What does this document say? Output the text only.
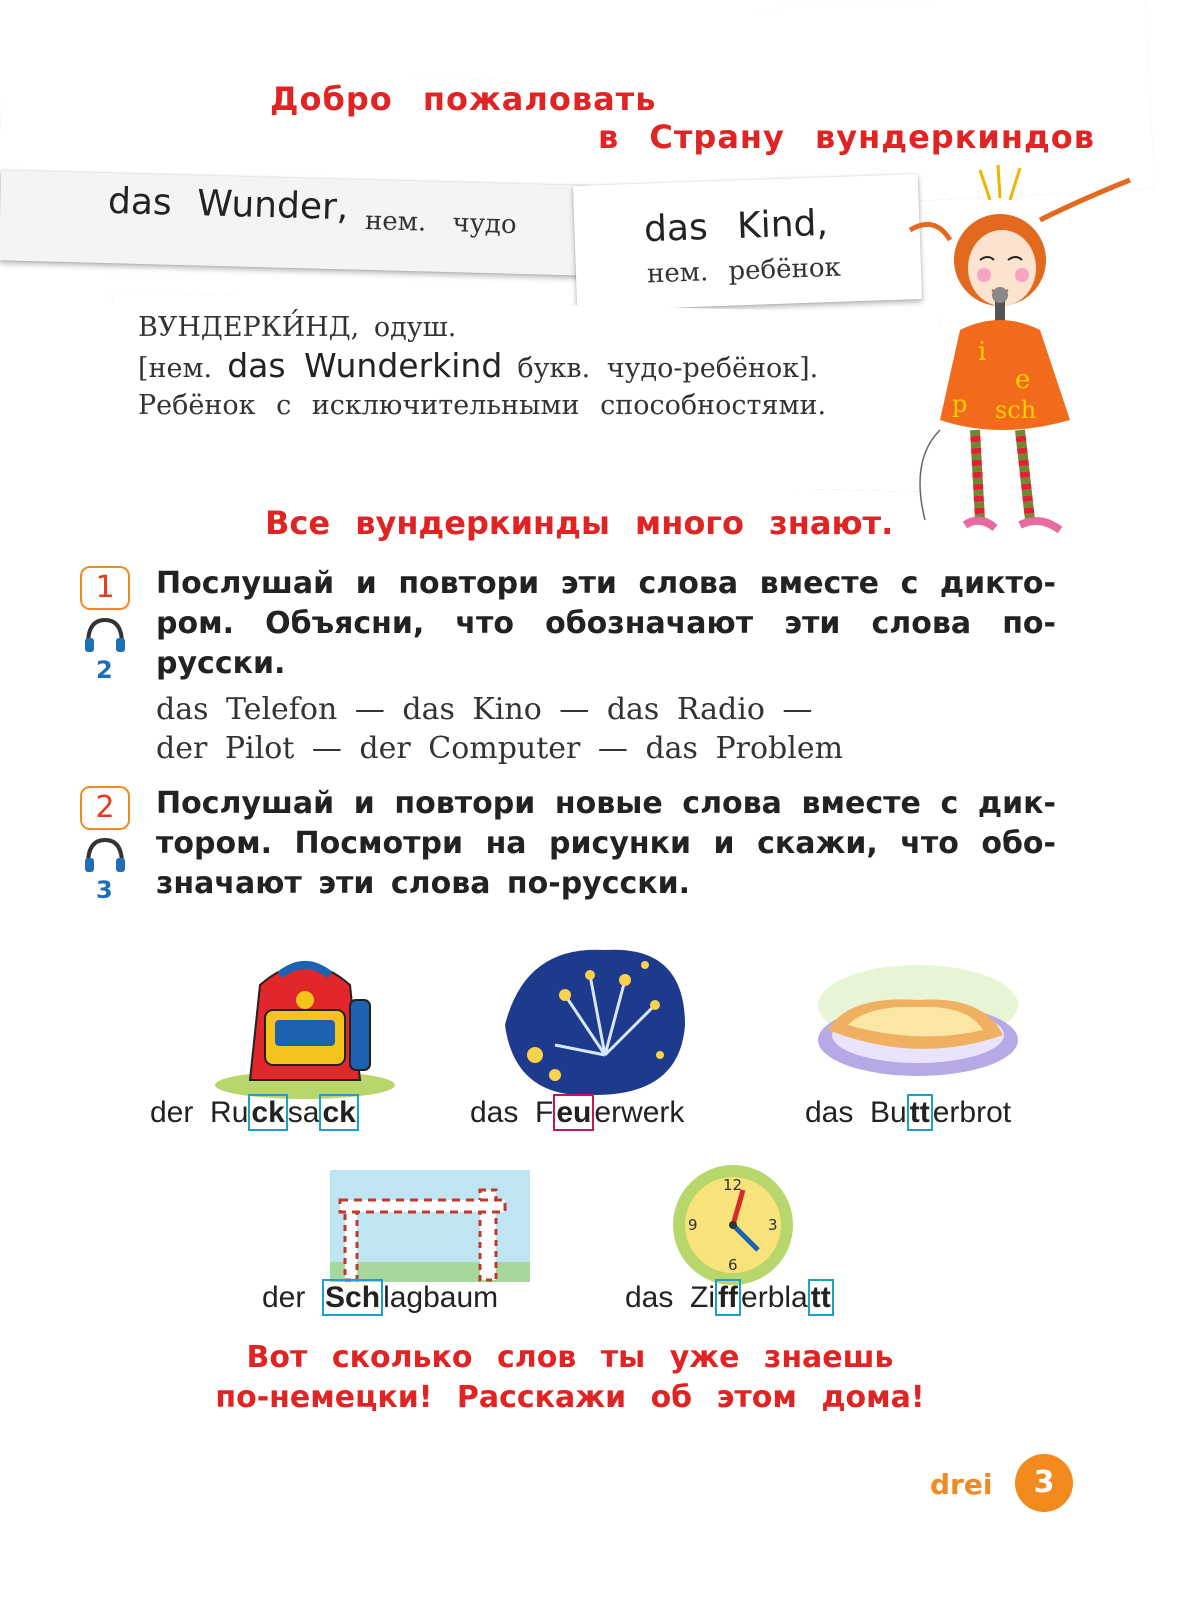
Добро пожаловать
в Страну вундеркиндов
das Wunder, нем. чудо	das Kind,
нем. ребёнок
ВУНДЕРКИ́НД, одуш.
[нем. das Wunderkind букв. чудо-ребёнок].
Ребёнок с исключительными способностями.
i
e
p sch
Все вундеркинды много знают.
1
2
Послушай и повтори эти слова вместе с дикто-
ром. Объясни, что обозначают эти слова по-
русски.
das Telefon — das Kino — das Radio —
der Pilot — der Computer — das Problem
2
3
Послушай и повтори новые слова вместе с дик-
тором. Посмотри на рисунки и скажи, что обо-
значают эти слова по-русски.
12
3
6
9
der Ru ck sa ck	das F eu erwerk	das Bu tt erbrot
der Sch lagbaum	das Zi ff erbla tt
Вот сколько слов ты уже знаешь
по-немецки! Расскажи об этом дома!
drei	3
